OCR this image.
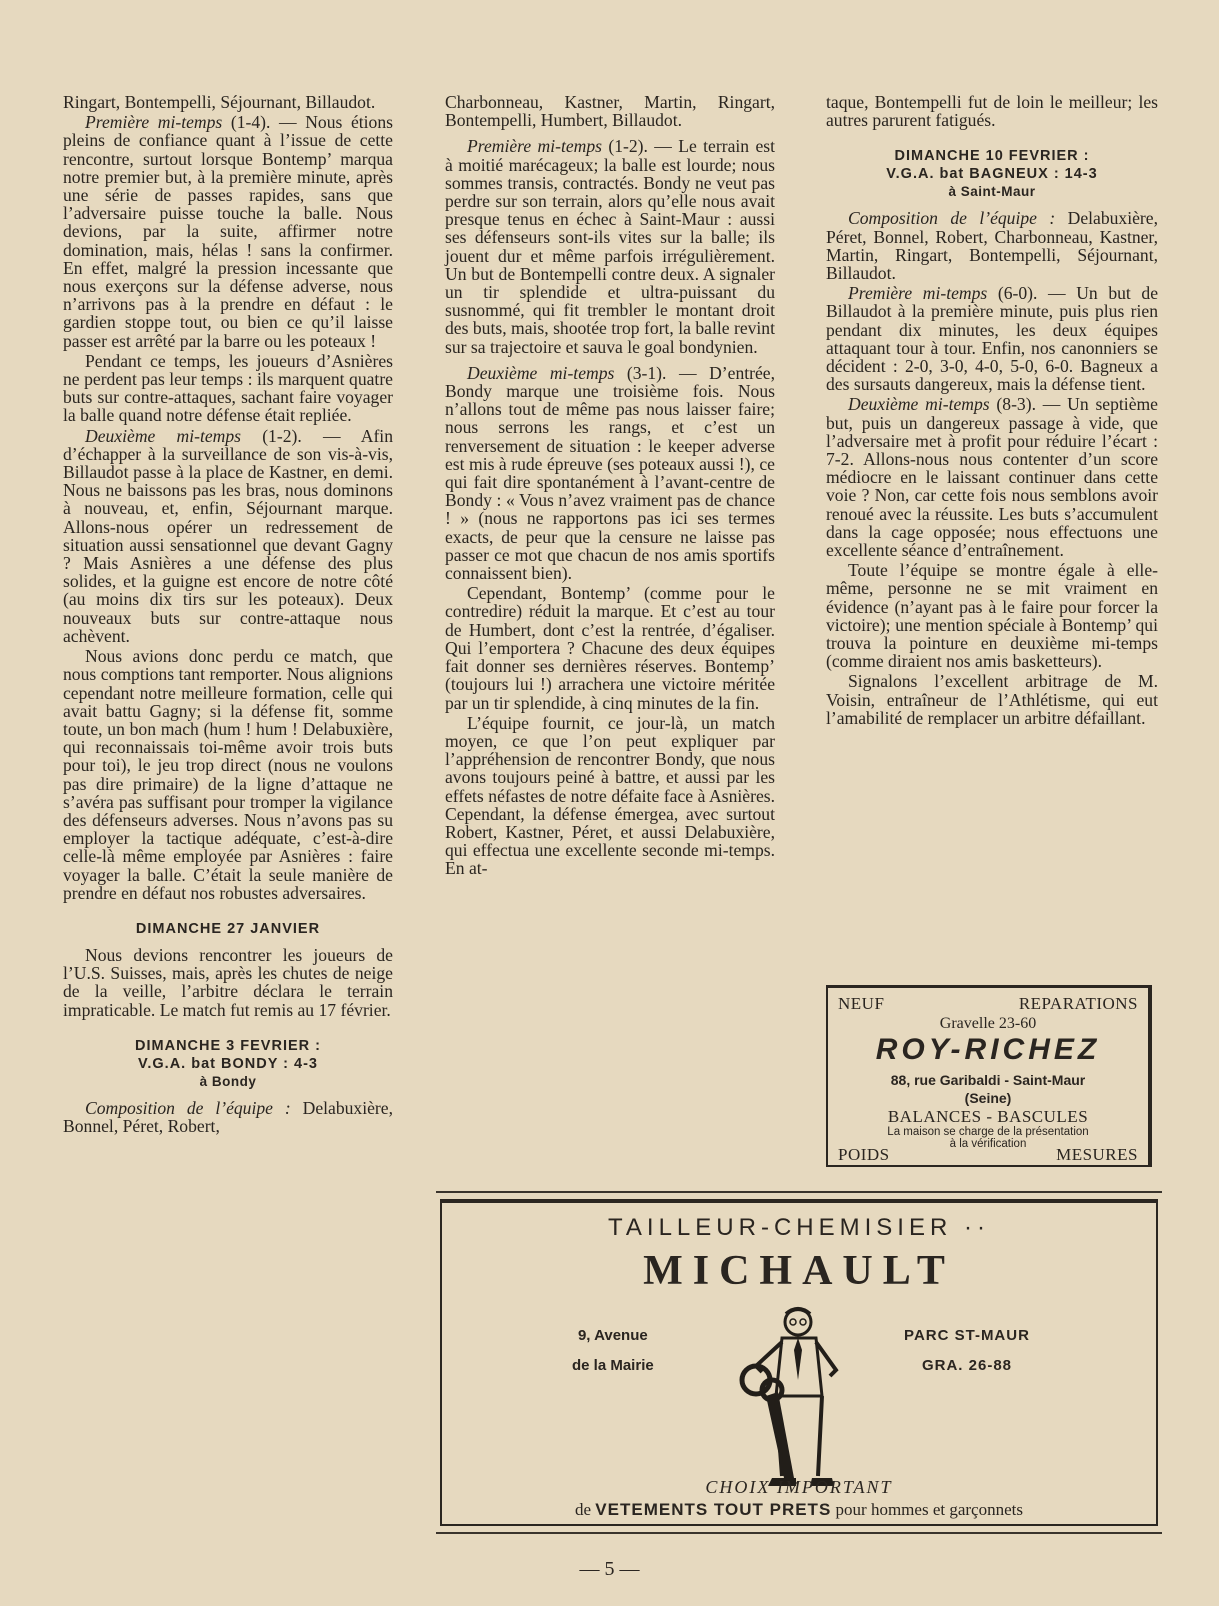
Ringart, Bontempelli, Séjournant, Billaudot.

Première mi-temps (1-4). — Nous étions pleins de confiance quant à l’issue de cette rencontre, surtout lorsque Bontemp’ marqua notre premier but, à la première minute, après une série de passes rapides, sans que l’adversaire puisse touche la balle. Nous devions, par la suite, affirmer notre domination, mais, hélas ! sans la confirmer. En effet, malgré la pression incessante que nous exerçons sur la défense adverse, nous n’arrivons pas à la prendre en défaut : le gardien stoppe tout, ou bien ce qu’il laisse passer est arrêté par la barre ou les poteaux !

Pendant ce temps, les joueurs d’Asnières ne perdent pas leur temps : ils marquent quatre buts sur contre-attaques, sachant faire voyager la balle quand notre défense était repliée.

Deuxième mi-temps (1-2). — Afin d’échapper à la surveillance de son vis-à-vis, Billaudot passe à la place de Kastner, en demi. Nous ne baissons pas les bras, nous dominons à nouveau, et, enfin, Séjournant marque. Allons-nous opérer un redressement de situation aussi sensationnel que devant Gagny ? Mais Asnières a une défense des plus solides, et la guigne est encore de notre côté (au moins dix tirs sur les poteaux). Deux nouveaux buts sur contre-attaque nous achèvent.

Nous avions donc perdu ce match, que nous comptions tant remporter. Nous alignions cependant notre meilleure formation, celle qui avait battu Gagny; si la défense fit, somme toute, un bon mach (hum ! hum ! Delabuxière, qui reconnaissais toi-même avoir trois buts pour toi), le jeu trop direct (nous ne voulons pas dire primaire) de la ligne d’attaque ne s’avéra pas suffisant pour tromper la vigilance des défenseurs adverses. Nous n’avons pas su employer la tactique adéquate, c’est-à-dire celle-là même employée par Asnières : faire voyager la balle. C’était la seule manière de prendre en défaut nos robustes adversaires.

DIMANCHE 27 JANVIER

Nous devions rencontrer les joueurs de l’U.S. Suisses, mais, après les chutes de neige de la veille, l’arbitre déclara le terrain impraticable. Le match fut remis au 17 février.

DIMANCHE 3 FEVRIER :
V.G.A. bat BONDY : 4-3
à Bondy

Composition de l’équipe : Delabuxière, Bonnel, Péret, Robert,

Charbonneau, Kastner, Martin, Ringart, Bontempelli, Humbert, Billaudot.

Première mi-temps (1-2). — Le terrain est à moitié marécageux; la balle est lourde; nous sommes transis, contractés. Bondy ne veut pas perdre sur son terrain, alors qu’elle nous avait presque tenus en échec à Saint-Maur : aussi ses défenseurs sont-ils vites sur la balle; ils jouent dur et même parfois irrégulièrement. Un but de Bontempelli contre deux. A signaler un tir splendide et ultra-puissant du susnommé, qui fit trembler le montant droit des buts, mais, shootée trop fort, la balle revint sur sa trajectoire et sauva le goal bondynien.

Deuxième mi-temps (3-1). — D’entrée, Bondy marque une troisième fois. Nous n’allons tout de même pas nous laisser faire; nous serrons les rangs, et c’est un renversement de situation : le keeper adverse est mis à rude épreuve (ses poteaux aussi !), ce qui fait dire spontanément à l’avant-centre de Bondy : « Vous n’avez vraiment pas de chance ! » (nous ne rapportons pas ici ses termes exacts, de peur que la censure ne laisse pas passer ce mot que chacun de nos amis sportifs connaissent bien).

Cependant, Bontemp’ (comme pour le contredire) réduit la marque. Et c’est au tour de Humbert, dont c’est la rentrée, d’égaliser. Qui l’emportera ? Chacune des deux équipes fait donner ses dernières réserves. Bontemp’ (toujours lui !) arrachera une victoire méritée par un tir splendide, à cinq minutes de la fin.

L’équipe fournit, ce jour-là, un match moyen, ce que l’on peut expliquer par l’appréhension de rencontrer Bondy, que nous avons toujours peiné à battre, et aussi par les effets néfastes de notre défaite face à Asnières. Cependant, la défense émergea, avec surtout Robert, Kastner, Péret, et aussi Delabuxière, qui effectua une excellente seconde mi-temps. En at-

taque, Bontempelli fut de loin le meilleur; les autres parurent fatigués.

DIMANCHE 10 FEVRIER :
V.G.A. bat BAGNEUX : 14-3
à Saint-Maur

Composition de l’équipe : Delabuxière, Péret, Bonnel, Robert, Charbonneau, Kastner, Martin, Ringart, Bontempelli, Séjournant, Billaudot.

Première mi-temps (6-0). — Un but de Billaudot à la première minute, puis plus rien pendant dix minutes, les deux équipes attaquant tour à tour. Enfin, nos canonniers se décident : 2-0, 3-0, 4-0, 5-0, 6-0. Bagneux a des sursauts dangereux, mais la défense tient.

Deuxième mi-temps (8-3). — Un septième but, puis un dangereux passage à vide, que l’adversaire met à profit pour réduire l’écart : 7-2. Allons-nous nous contenter d’un score médiocre en le laissant continuer dans cette voie ? Non, car cette fois nous semblons avoir renoué avec la réussite. Les buts s’accumulent dans la cage opposée; nous effectuons une excellente séance d’entraînement.

Toute l’équipe se montre égale à elle-même, personne ne se mit vraiment en évidence (n’ayant pas à le faire pour forcer la victoire); une mention spéciale à Bontemp’ qui trouva la pointure en deuxième mi-temps (comme diraient nos amis basketteurs).

Signalons l’excellent arbitrage de M. Voisin, entraîneur de l’Athlétisme, qui eut l’amabilité de remplacer un arbitre défaillant.

NEUF	REPARATIONS
Gravelle 23-60
ROY-RICHEZ
88, rue Garibaldi - Saint-Maur
(Seine)
BALANCES - BASCULES
La maison se charge de la présentation
à la vérification
POIDS	MESURES
TAILLEUR-CHEMISIER ··
MICHAULT
9, Avenue
de la Mairie
PARC ST-MAUR
GRA. 26-88
CHOIX IMPORTANT
de VETEMENTS TOUT PRETS pour hommes et garçonnets
— 5 —
